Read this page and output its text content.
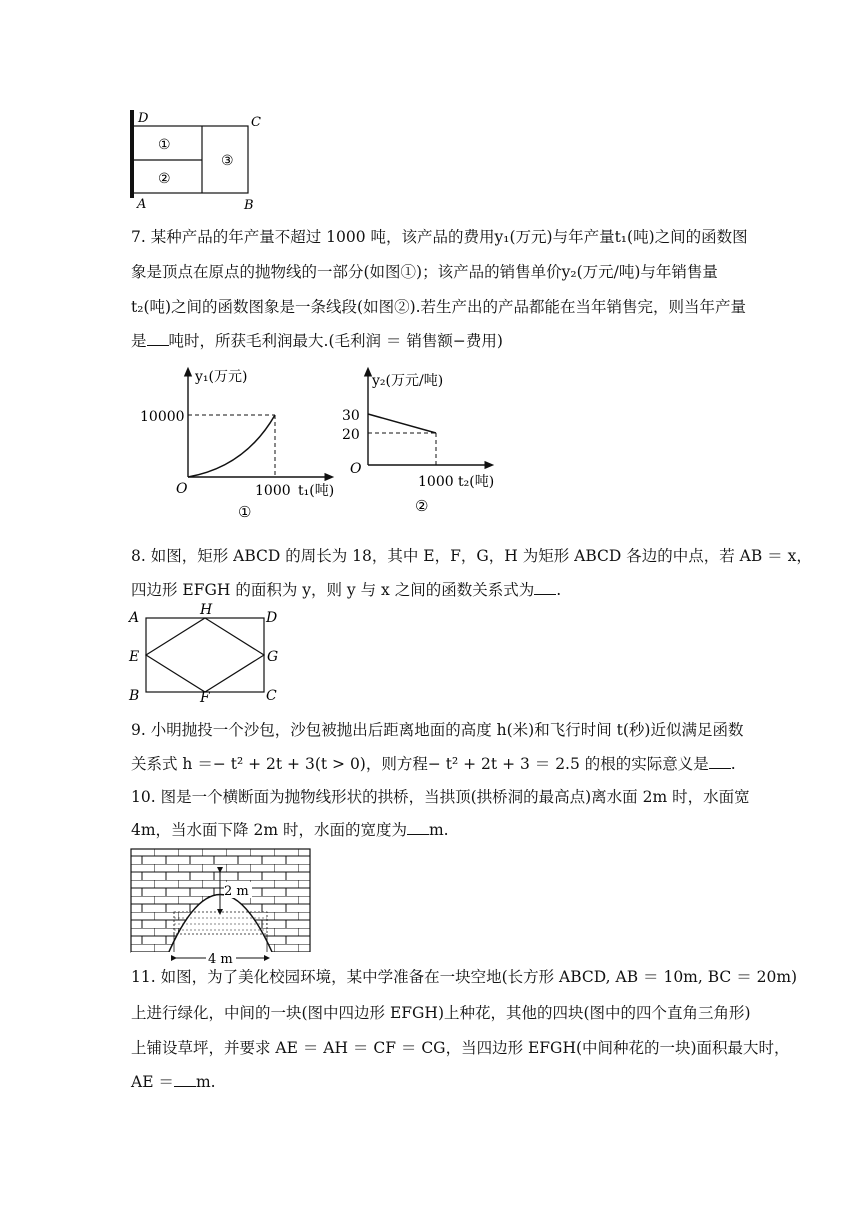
D	C
A	B
①
②
③
7. 某种产品的年产量不超过 1000 吨，该产品的费用y₁(万元)与年产量t₁(吨)之间的函数图
象是顶点在原点的抛物线的一部分(如图①)；该产品的销售单价y₂(万元/吨)与年销售量
t₂(吨)之间的函数图象是一条线段(如图②).若生产出的产品都能在当年销售完，则当年产量
是 吨时，所获毛利润最大.(毛利润 ＝ 销售额−费用)
y₁(万元)
10000
O	1000 t₁(吨)
①
y₂(万元/吨)
30
20
O
1000 t₂(吨)
②
8. 如图，矩形 ABCD 的周长为 18，其中 E，F，G，H 为矩形 ABCD 各边的中点，若 AB ＝ x，
四边形 EFGH 的面积为 y，则 y 与 x 之间的函数关系式为 .
A	H	D
E	G
B	F	C
9. 小明抛投一个沙包，沙包被抛出后距离地面的高度 h(米)和飞行时间 t(秒)近似满足函数
关系式 h ＝− t² + 2t + 3(t > 0)，则方程− t² + 2t + 3 ＝ 2.5 的根的实际意义是 .
10. 图是一个横断面为抛物线形状的拱桥，当拱顶(拱桥洞的最高点)离水面 2m 时，水面宽
4m，当水面下降 2m 时，水面的宽度为 m.
2 m
4 m
11. 如图，为了美化校园环境，某中学准备在一块空地(长方形 ABCD, AB ＝ 10m, BC ＝ 20m)
上进行绿化，中间的一块(图中四边形 EFGH)上种花，其他的四块(图中的四个直角三角形)
上铺设草坪，并要求 AE ＝ AH ＝ CF ＝ CG，当四边形 EFGH(中间种花的一块)面积最大时，
AE ＝ m.
